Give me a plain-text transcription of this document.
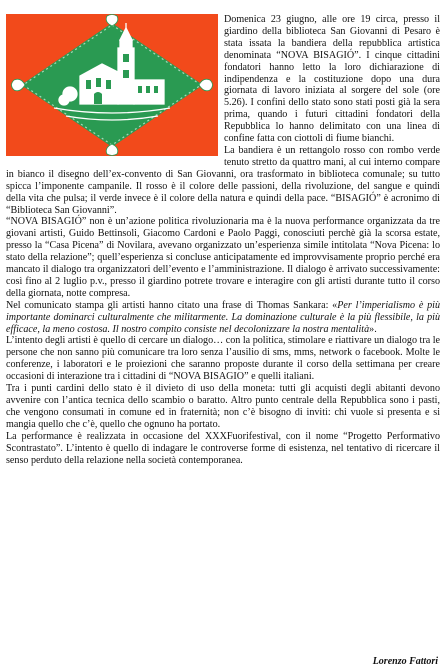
Domenica 23 giugno, alle ore 19 circa, presso il giardino della biblioteca San Giovanni di Pesaro è stata issata la bandiera della repubblica artistica denominata “NOVA BISAGIÓ”. I cinque cittadini fondatori hanno letto la loro dichiarazione di indipendenza e la costituzione dopo una dura giornata di lavoro iniziata al sorgere del sole (ore 5.26). I confini dello stato sono stati posti già la sera prima, quando i futuri cittadini fondatori della Repubblica lo hanno delimitato con una linea di confine fatta con ciottoli di fiume bianchi.

La bandiera è un rettangolo rosso con rombo verde tenuto stretto da quattro mani, al cui interno compare in bianco il disegno dell’ex-convento di San Giovanni, ora trasformato in biblioteca comunale; su tutto spicca l’imponente campanile. Il rosso è il colore delle passioni, della rivoluzione, del sangue e quindi della vita che pulsa; il verde invece è il colore della natura e quindi della pace. “BISAGIÓ” è acronimo di “Biblioteca San Giovanni”.

“NOVA BISAGIÓ” non è un’azione politica rivoluzionaria ma è la nuova performance organizzata da tre giovani artisti, Guido Bettinsoli, Giacomo Cardoni e Paolo Paggi, conosciuti perchè già la scorsa estate, presso la “Casa Picena” di Novilara, avevano organizzato un’esperienza simile intitolata “Nova Picena: lo stato della relazione”; quell’esperienza si concluse anticipatamente ed improvvisamente proprio perché era mancato il dialogo tra organizzatori dell’evento e l’amministrazione. Il dialogo è arrivato successivamente: così fino al 2 luglio p.v., presso il giardino potrete trovare e interagire con gli artisti durante tutto il corso della giornata, notte compresa.

Nel comunicato stampa gli artisti hanno citato una frase di Thomas Sankara: «Per l’imperialismo è più importante dominarci culturalmente che militarmente. La dominazione culturale è la più flessibile, la più efficace, la meno costosa. Il nostro compito consiste nel decolonizzare la nostra mentalità».

L’intento degli artisti è quello di cercare un dialogo… con la politica, stimolare e riattivare un dialogo tra le persone che non sanno più comunicare tra loro senza l’ausilio di sms, mms, network o facebook. Molte le conferenze, i laboratori e le proiezioni che saranno proposte durante il corso della settimana per creare occasioni di interazione tra i cittadini di “NOVA BISAGIO” e quelli italiani.

Tra i punti cardini dello stato è il divieto di uso della moneta: tutti gli acquisti degli abitanti devono avvenire con l’antica tecnica dello scambio o baratto. Altro punto centrale della Repubblica sono i pasti, che vengono consumati in comune ed in fraternità; non c’è bisogno di inviti: chi vuole si presenta e si mangia quello che c’è, quello che ognuno ha portato.

La performance è realizzata in occasione del XXXFuorifestival, con il nome “Progetto Performativo Scontrastato”. L’intento è quello di indagare le controverse forme di esistenza, nel tentativo di ricercare il senso perduto della relazione nella società contemporanea.

Lorenzo Fattori
